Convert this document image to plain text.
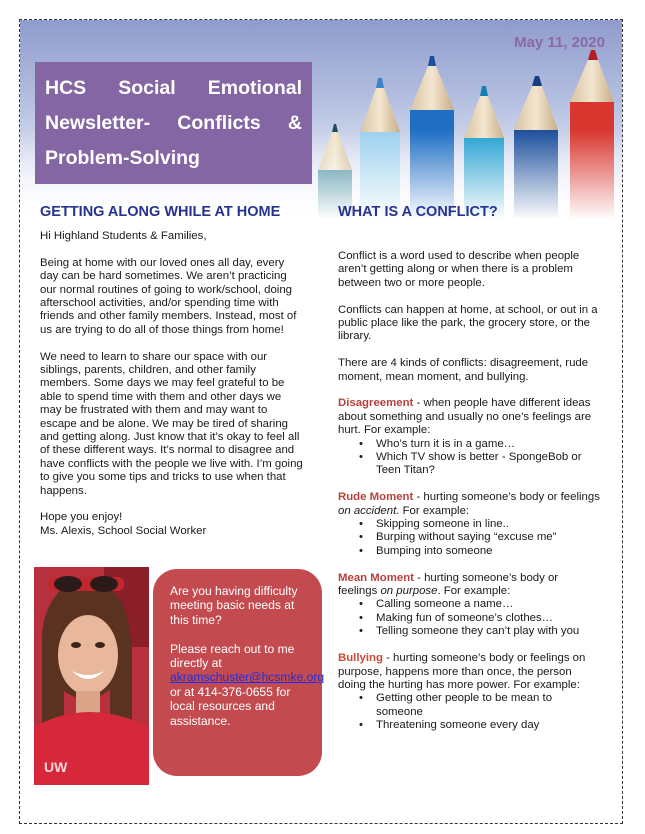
May 11, 2020
HCS Social Emotional
Newsletter- Conflicts &
Problem-Solving
GETTING ALONG WHILE AT HOME

Hi Highland Students & Families,

Being at home with our loved ones all day, every day can be hard sometimes. We aren’t practicing our normal routines of going to work/school, doing afterschool activities, and/or spending time with friends and other family members. Instead, most of us are trying to do all of those things from home!

We need to learn to share our space with our siblings, parents, children, and other family members. Some days we may feel grateful to be able to spend time with them and other days we may be frustrated with them and may want to escape and be alone. We may be tired of sharing and getting along. Just know that it’s okay to feel all of these different ways. It’s normal to disagree and have conflicts with the people we live with. I’m going to give you some tips and tricks to use when that happens.

Hope you enjoy!
Ms. Alexis, School Social Worker
UW

Are you having difficulty meeting basic needs at this time?

Please reach out to me directly at akramschuster@hcsmke.org or at 414-376-0655 for local resources and assistance.

WHAT IS A CONFLICT?

Conflict is a word used to describe when people aren’t getting along or when there is a problem between two or more people.

Conflicts can happen at home, at school, or out in a public place like the park, the grocery store, or the library.

There are 4 kinds of conflicts: disagreement, rude moment, mean moment, and bullying.

Disagreement - when people have different ideas about something and usually no one’s feelings are hurt. For example:
• Who’s turn it is in a game…
• Which TV show is better - SpongeBob or Teen Titan?
Rude Moment - hurting someone’s body or feelings on accident. For example:
• Skipping someone in line..
• Burping without saying “excuse me”
• Bumping into someone
Mean Moment - hurting someone’s body or feelings on purpose. For example:
• Calling someone a name…
• Making fun of someone’s clothes…
• Telling someone they can’t play with you
Bullying - hurting someone’s body or feelings on purpose, happens more than once, the person doing the hurting has more power. For example:
• Getting other people to be mean to someone
• Threatening someone every day
